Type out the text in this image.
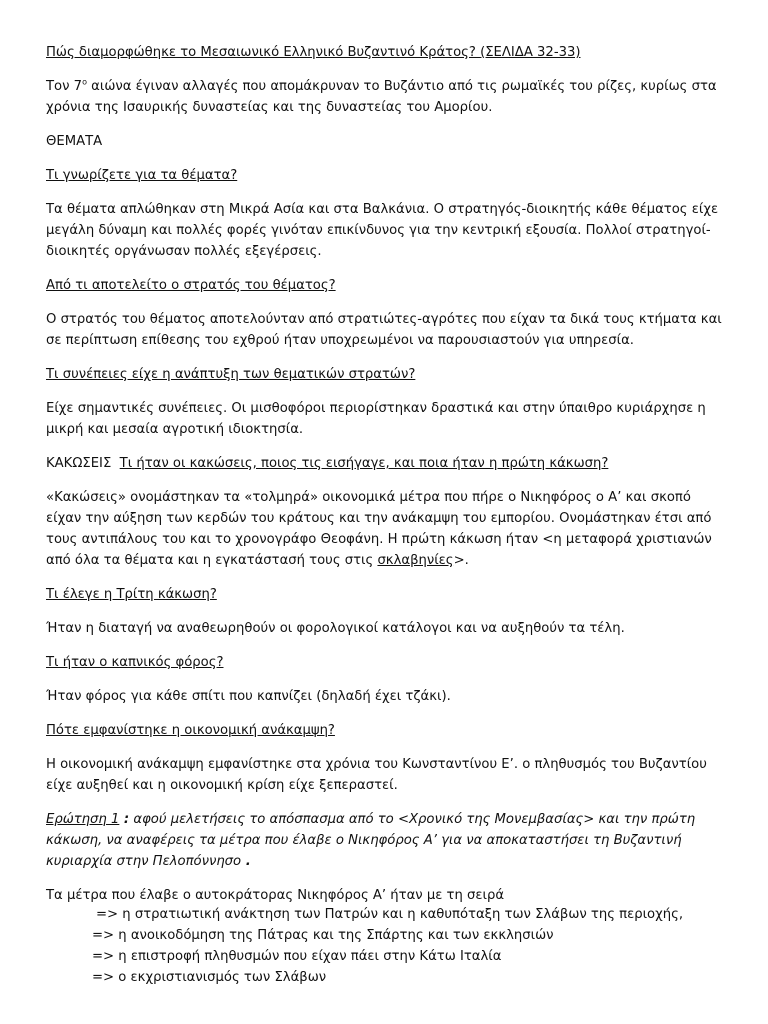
Πώς διαμορφώθηκε το Μεσαιωνικό Ελληνικό Βυζαντινό Κράτος? (ΣΕΛΙΔΑ 32-33)

Τον $7^o$ αιώνα έγιναν αλλαγές που απομάκρυναν το Βυζάντιο από τις ρωμαϊκές του ρίζες, κυρίως στα χρόνια της Ισαυρικής δυναστείας και της δυναστείας του Αμορίου.

ΘΕΜΑΤΑ

Τι γνωρίζετε για τα θέματα?

Τα θέματα απλώθηκαν στη Μικρά Ασία και στα Βαλκάνια. Ο στρατηγός-διοικητής κάθε θέματος είχε μεγάλη δύναμη και πολλές φορές γινόταν επικίνδυνος για την κεντρική εξουσία. Πολλοί στρατηγοί-διοικητές οργάνωσαν πολλές εξεγέρσεις.

Από τι αποτελείτο ο στρατός του θέματος?

Ο στρατός του θέματος αποτελούνταν από στρατιώτες-αγρότες που είχαν τα δικά τους κτήματα και σε περίπτωση επίθεσης του εχθρού ήταν υποχρεωμένοι να παρουσιαστούν για υπηρεσία.

Τι συνέπειες είχε η ανάπτυξη των θεματικών στρατών?

Είχε σημαντικές συνέπειες. Οι μισθοφόροι περιορίστηκαν δραστικά και στην ύπαιθρο κυριάρχησε η μικρή και μεσαία αγροτική ιδιοκτησία.

ΚΑΚΩΣΕΙΣ Τι ήταν οι κακώσεις, ποιος τις εισήγαγε, και ποια ήταν η πρώτη κάκωση?

«Κακώσεις» ονομάστηκαν τα «τολμηρά» οικονομικά μέτρα που πήρε ο Νικηφόρος ο Α’ και σκοπό είχαν την αύξηση των κερδών του κράτους και την ανάκαμψη του εμπορίου. Ονομάστηκαν έτσι από τους αντιπάλους του και το χρονογράφο Θεοφάνη. Η πρώτη κάκωση ήταν <η μεταφορά χριστιανών από όλα τα θέματα και η εγκατάστασή τους στις σκλαβηνίες>.

Τι έλεγε η Τρίτη κάκωση?

Ήταν η διαταγή να αναθεωρηθούν οι φορολογικοί κατάλογοι και να αυξηθούν τα τέλη.

Τι ήταν ο καπνικός φόρος?

Ήταν φόρος για κάθε σπίτι που καπνίζει (δηλαδή έχει τζάκι).

Πότε εμφανίστηκε η οικονομική ανάκαμψη?

Η οικονομική ανάκαμψη εμφανίστηκε στα χρόνια του Κωνσταντίνου Ε’. ο πληθυσμός του Βυζαντίου είχε αυξηθεί και η οικονομική κρίση είχε ξεπεραστεί.

Ερώτηση 1 : αφού μελετήσεις το απόσπασμα από το <Χρονικό της Μονεμβασίας> και την πρώτη κάκωση, να αναφέρεις τα μέτρα που έλαβε ο Νικηφόρος Α’ για να αποκαταστήσει τη Βυζαντινή κυριαρχία στην Πελοπόννησο .

Τα μέτρα που έλαβε ο αυτοκράτορας Νικηφόρος Α’ ήταν με τη σειρά
=> η στρατιωτική ανάκτηση των Πατρών και η καθυπόταξη των Σλάβων της περιοχής,
=> η ανοικοδόμηση της Πάτρας και της Σπάρτης και των εκκλησιών
=> η επιστροφή πληθυσμών που είχαν πάει στην Κάτω Ιταλία
=> ο εκχριστιανισμός των Σλάβων
